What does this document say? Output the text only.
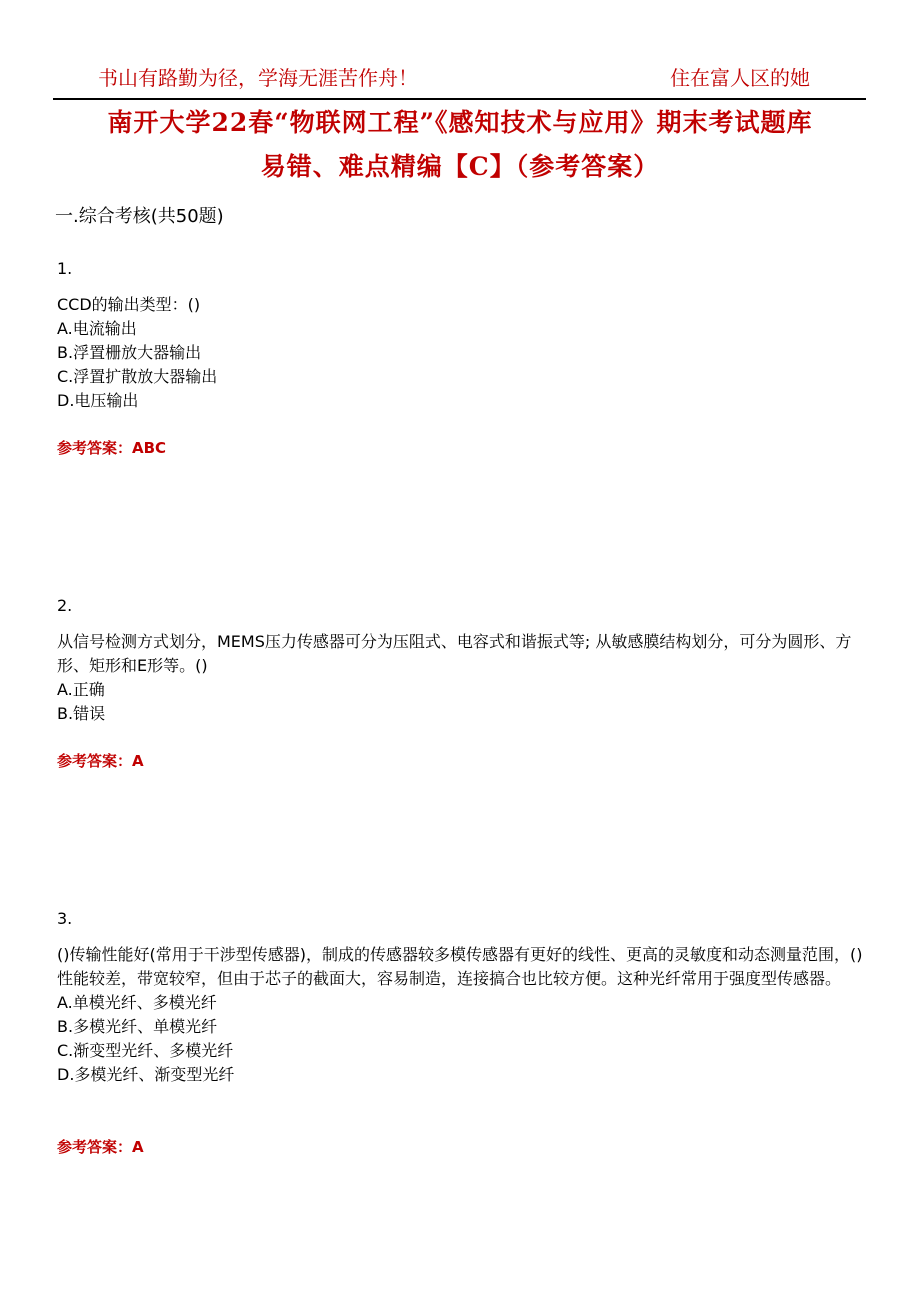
书山有路勤为径，学海无涯苦作舟！	住在富人区的她
南开大学22春“物联网工程”《感知技术与应用》期末考试题库
易错、难点精编【C】（参考答案）
一.综合考核(共50题)
1.
CCD的输出类型：()
A.电流输出
B.浮置栅放大器输出
C.浮置扩散放大器输出
D.电压输出
参考答案：ABC
2.
从信号检测方式划分，MEMS压力传感器可分为压阻式、电容式和谐振式等; 从敏感膜结构划分，可分为圆形、方形、矩形和E形等。()
A.正确
B.错误
参考答案：A
3.
()传输性能好(常用于干涉型传感器)，制成的传感器较多模传感器有更好的线性、更高的灵敏度和动态测量范围，()性能较差，带宽较窄，但由于芯子的截面大，容易制造，连接搞合也比较方便。这种光纤常用于强度型传感器。
A.单模光纤、多模光纤
B.多模光纤、单模光纤
C.渐变型光纤、多模光纤
D.多模光纤、渐变型光纤
参考答案：A
